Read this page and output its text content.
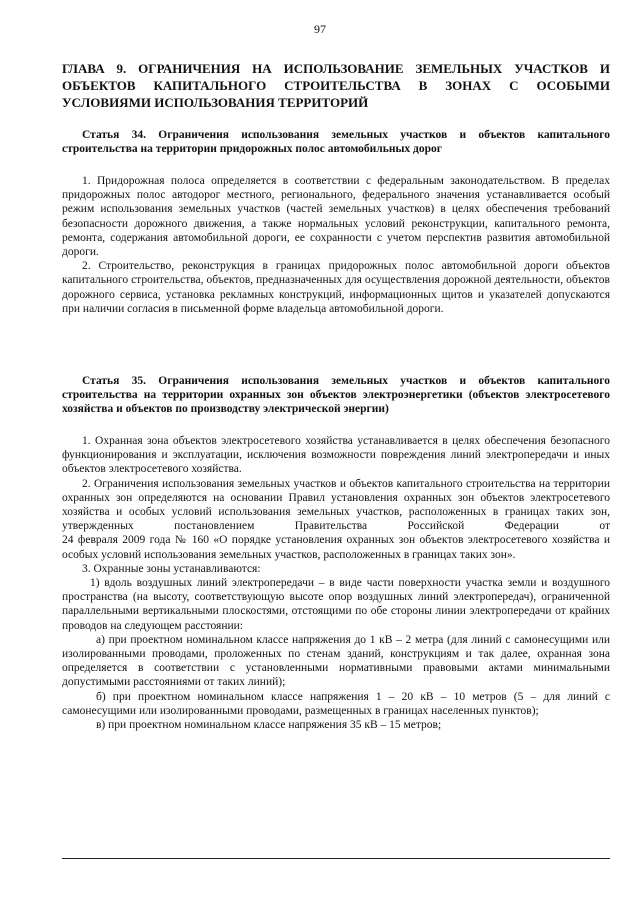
97
ГЛАВА 9. ОГРАНИЧЕНИЯ НА ИСПОЛЬЗОВАНИЕ ЗЕМЕЛЬНЫХ УЧАСТКОВ И ОБЪЕКТОВ КАПИТАЛЬНОГО СТРОИТЕЛЬСТВА В ЗОНАХ С ОСОБЫМИ УСЛОВИЯМИ ИСПОЛЬЗОВАНИЯ ТЕРРИТОРИЙ
Статья 34. Ограничения использования земельных участков и объектов капитального строительства на территории придорожных полос автомобильных дорог
1. Придорожная полоса определяется в соответствии с федеральным законодательством. В пределах придорожных полос автодорог местного, регионального, федерального значения устанавливается особый режим использования земельных участков (частей земельных участков) в целях обеспечения требований безопасности дорожного движения, а также нормальных условий реконструкции, капитального ремонта, ремонта, содержания автомобильной дороги, ее сохранности с учетом перспектив развития автомобильной дороги.
2. Строительство, реконструкция в границах придорожных полос автомобильной дороги объектов капитального строительства, объектов, предназначенных для осуществления дорожной деятельности, объектов дорожного сервиса, установка рекламных конструкций, информационных щитов и указателей допускаются при наличии согласия в письменной форме владельца автомобильной дороги.
Статья 35. Ограничения использования земельных участков и объектов капитального строительства на территории охранных зон объектов электроэнергетики (объектов электросетевого хозяйства и объектов по производству электрической энергии)
1. Охранная зона объектов электросетевого хозяйства устанавливается в целях обеспечения безопасного функционирования и эксплуатации, исключения возможности повреждения линий электропередачи и иных объектов электросетевого хозяйства.
2. Ограничения использования земельных участков и объектов капитального строительства на территории охранных зон определяются на основании Правил установления охранных зон объектов электросетевого хозяйства и особых условий использования земельных участков, расположенных в границах таких зон, утвержденных постановлением Правительства Российской Федерации	от
24 февраля 2009 года № 160 «О порядке установления охранных зон объектов электросетевого хозяйства и особых условий использования земельных участков, расположенных в границах таких зон».
3. Охранные зоны устанавливаются:
1) вдоль воздушных линий электропередачи – в виде части поверхности участка земли и воздушного пространства (на высоту, соответствующую высоте опор воздушных линий электропередач), ограниченной параллельными вертикальными плоскостями, отстоящими по обе стороны линии электропередачи от крайних проводов на следующем расстоянии:
а) при проектном номинальном классе напряжения до 1 кВ – 2 метра (для линий с самонесущими или изолированными проводами, проложенных по стенам зданий, конструкциям и так далее, охранная зона определяется в соответствии с установленными нормативными правовыми актами минимальными допустимыми расстояниями от таких линий);
б) при проектном номинальном классе напряжения 1 – 20 кВ – 10 метров (5 – для линий с самонесущими или изолированными проводами, размещенных в границах населенных пунктов);
в) при проектном номинальном классе напряжения 35 кВ – 15 метров;
